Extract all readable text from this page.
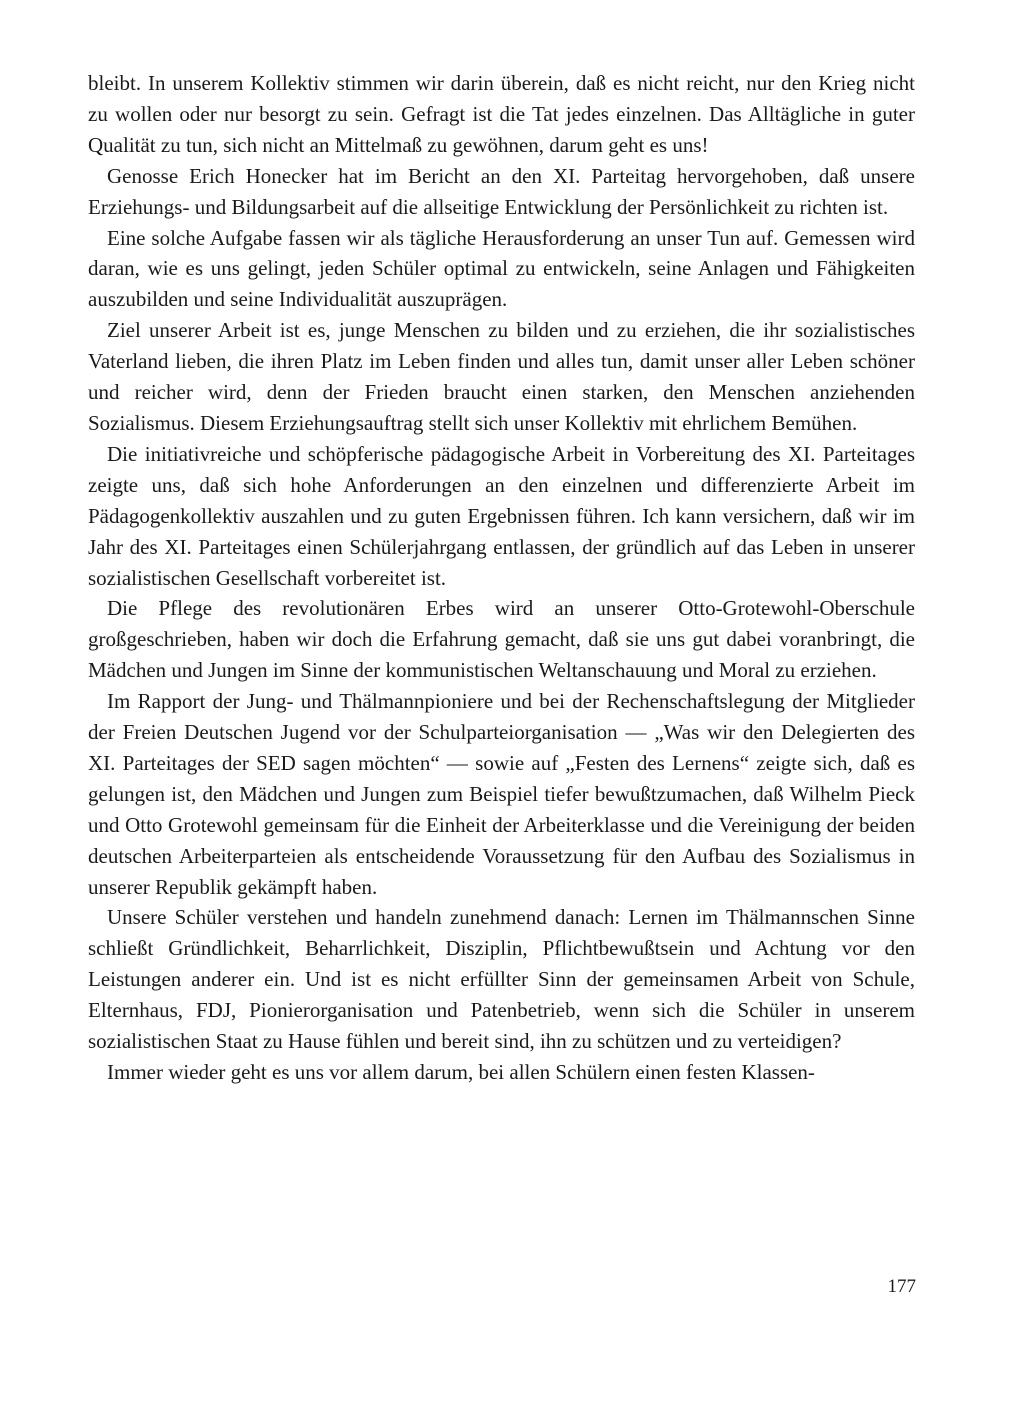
bleibt. In unserem Kollektiv stimmen wir darin überein, daß es nicht reicht, nur den Krieg nicht zu wollen oder nur besorgt zu sein. Gefragt ist die Tat jedes einzelnen. Das Alltägliche in guter Qualität zu tun, sich nicht an Mittelmaß zu gewöhnen, darum geht es uns!

Genosse Erich Honecker hat im Bericht an den XI. Parteitag hervorgehoben, daß unsere Erziehungs- und Bildungsarbeit auf die allseitige Entwicklung der Persönlichkeit zu richten ist.

Eine solche Aufgabe fassen wir als tägliche Herausforderung an unser Tun auf. Gemessen wird daran, wie es uns gelingt, jeden Schüler optimal zu entwickeln, seine Anlagen und Fähigkeiten auszubilden und seine Individualität auszuprägen.

Ziel unserer Arbeit ist es, junge Menschen zu bilden und zu erziehen, die ihr sozialistisches Vaterland lieben, die ihren Platz im Leben finden und alles tun, damit unser aller Leben schöner und reicher wird, denn der Frieden braucht einen starken, den Menschen anziehenden Sozialismus. Diesem Erziehungsauftrag stellt sich unser Kollektiv mit ehrlichem Bemühen.

Die initiativreiche und schöpferische pädagogische Arbeit in Vorbereitung des XI. Parteitages zeigte uns, daß sich hohe Anforderungen an den einzelnen und differenzierte Arbeit im Pädagogenkollektiv auszahlen und zu guten Ergebnissen führen. Ich kann versichern, daß wir im Jahr des XI. Parteitages einen Schülerjahrgang entlassen, der gründlich auf das Leben in unserer sozialistischen Gesellschaft vorbereitet ist.

Die Pflege des revolutionären Erbes wird an unserer Otto-Grotewohl-Oberschule großgeschrieben, haben wir doch die Erfahrung gemacht, daß sie uns gut dabei voranbringt, die Mädchen und Jungen im Sinne der kommunistischen Weltanschauung und Moral zu erziehen.

Im Rapport der Jung- und Thälmannpioniere und bei der Rechenschaftslegung der Mitglieder der Freien Deutschen Jugend vor der Schulparteiorganisation — „Was wir den Delegierten des XI. Parteitages der SED sagen möchten“ — sowie auf „Festen des Lernens“ zeigte sich, daß es gelungen ist, den Mädchen und Jungen zum Beispiel tiefer bewußtzumachen, daß Wilhelm Pieck und Otto Grotewohl gemeinsam für die Einheit der Arbeiterklasse und die Vereinigung der beiden deutschen Arbeiterparteien als entscheidende Voraussetzung für den Aufbau des Sozialismus in unserer Republik gekämpft haben.

Unsere Schüler verstehen und handeln zunehmend danach: Lernen im Thälmannschen Sinne schließt Gründlichkeit, Beharrlichkeit, Disziplin, Pflichtbewußtsein und Achtung vor den Leistungen anderer ein. Und ist es nicht erfüllter Sinn der gemeinsamen Arbeit von Schule, Elternhaus, FDJ, Pionierorganisation und Patenbetrieb, wenn sich die Schüler in unserem sozialistischen Staat zu Hause fühlen und bereit sind, ihn zu schützen und zu verteidigen?

Immer wieder geht es uns vor allem darum, bei allen Schülern einen festen Klassen-

177
